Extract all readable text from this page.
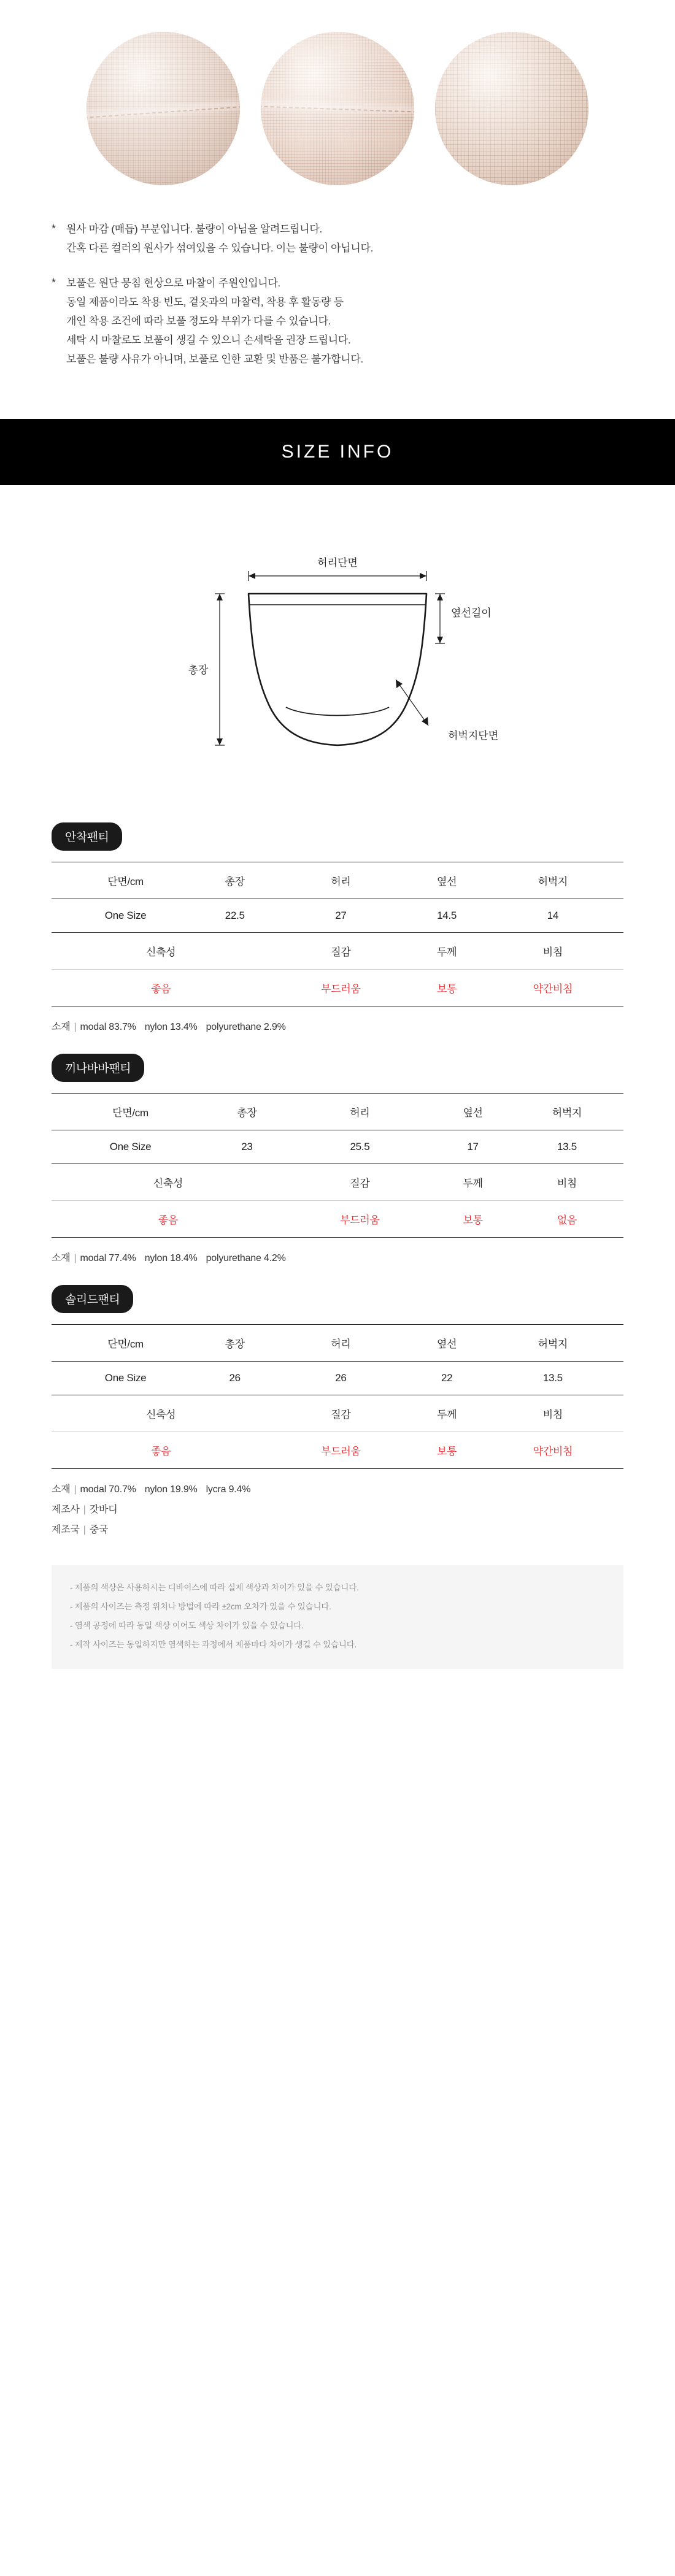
* 원사 마감 (매듭) 부분입니다. 불량이 아님을 알려드립니다.

간혹 다른 컬러의 원사가 섞여있을 수 있습니다. 이는 불량이 아닙니다.

* 보풀은 원단 뭉침 현상으로 마찰이 주원인입니다.

동일 제품이라도 착용 빈도, 겉옷과의 마찰력, 착용 후 활동량 등

개인 착용 조건에 따라 보풀 정도와 부위가 다를 수 있습니다.

세탁 시 마찰로도 보풀이 생길 수 있으니 손세탁을 권장 드립니다.

보풀은 불량 사유가 아니며, 보풀로 인한 교환 및 반품은 불가합니다.

SIZE INFO
허리단면
총장
옆선길이
허벅지단면
안착팬티
단면/cm	총장	허리	옆선	허벅지
One Size	22.5	27	14.5	14
신축성		질감	두께	비침
좋음		부드러움	보통	약간비침
소재 | modal 83.7% nylon 13.4% polyurethane 2.9%
끼나바바팬티
단면/cm	총장	허리	옆선	허벅지
One Size	23	25.5	17	13.5
신축성		질감	두께	비침
좋음		부드러움	보통	없음
소재 | modal 77.4% nylon 18.4% polyurethane 4.2%
솔리드팬티
단면/cm	총장	허리	옆선	허벅지
One Size	26	26	22	13.5
신축성		질감	두께	비침
좋음		부드러움	보통	약간비침
소재 | modal 70.7% nylon 19.9% lycra 9.4%
제조사 | 갓바디
제조국 | 중국

- 제품의 색상은 사용하시는 디바이스에 따라 실제 색상과 차이가 있을 수 있습니다.

- 제품의 사이즈는 측정 위치나 방법에 따라 ±2cm 오차가 있을 수 있습니다.

- 염색 공정에 따라 동일 색상 이어도 색상 차이가 있을 수 있습니다.

- 제작 사이즈는 동일하지만 염색하는 과정에서 제품마다 차이가 생길 수 있습니다.
